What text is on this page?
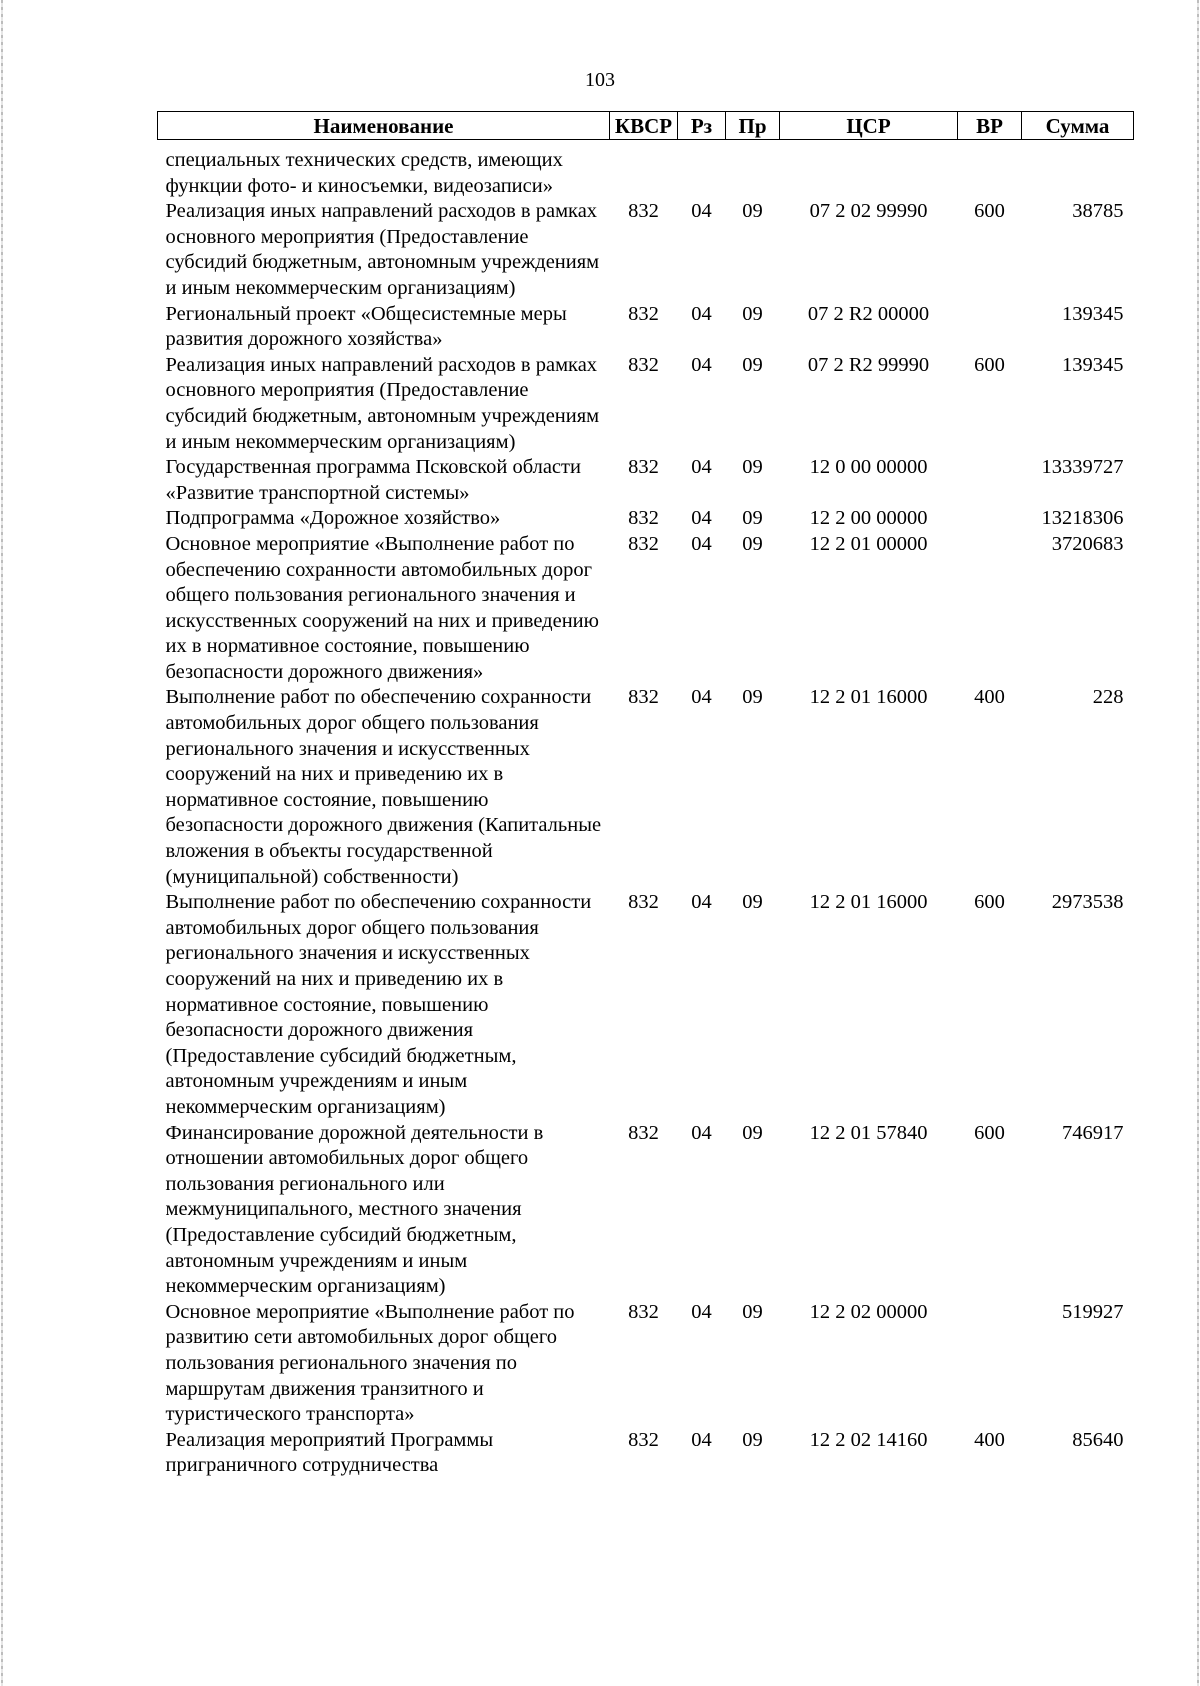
103
Наименование	КВСР	Рз	Пр	ЦСР	ВР	Сумма
специальных технических средств, имеющих функции фото- и киносъемки, видеозаписи»						
Реализация иных направлений расходов в рамках основного мероприятия (Предоставление субсидий бюджетным, автономным учреждениям и иным некоммерческим организациям)	832	04	09	07 2 02 99990	600	38785
Региональный проект «Общесистемные меры развития дорожного хозяйства»	832	04	09	07 2 R2 00000		139345
Реализация иных направлений расходов в рамках основного мероприятия (Предоставление субсидий бюджетным, автономным учреждениям и иным некоммерческим организациям)	832	04	09	07 2 R2 99990	600	139345
Государственная программа Псковской области «Развитие транспортной системы»	832	04	09	12 0 00 00000		13339727
Подпрограмма «Дорожное хозяйство»	832	04	09	12 2 00 00000		13218306
Основное мероприятие «Выполнение работ по обеспечению сохранности автомобильных дорог общего пользования регионального значения и искусственных сооружений на них и приведению их в нормативное состояние, повышению безопасности дорожного движения»	832	04	09	12 2 01 00000		3720683
Выполнение работ по обеспечению сохранности автомобильных дорог общего пользования регионального значения и искусственных сооружений на них и приведению их в нормативное состояние, повышению безопасности дорожного движения (Капитальные вложения в объекты государственной (муниципальной) собственности)	832	04	09	12 2 01 16000	400	228
Выполнение работ по обеспечению сохранности автомобильных дорог общего пользования регионального значения и искусственных сооружений на них и приведению их в нормативное состояние, повышению безопасности дорожного движения (Предоставление субсидий бюджетным, автономным учреждениям и иным некоммерческим организациям)	832	04	09	12 2 01 16000	600	2973538
Финансирование дорожной деятельности в отношении автомобильных дорог общего пользования регионального или межмуниципального, местного значения (Предоставление субсидий бюджетным, автономным учреждениям и иным некоммерческим организациям)	832	04	09	12 2 01 57840	600	746917
Основное мероприятие «Выполнение работ по развитию сети автомобильных дорог общего пользования регионального значения по маршрутам движения транзитного и туристического транспорта»	832	04	09	12 2 02 00000		519927
Реализация мероприятий Программы приграничного сотрудничества	832	04	09	12 2 02 14160	400	85640
